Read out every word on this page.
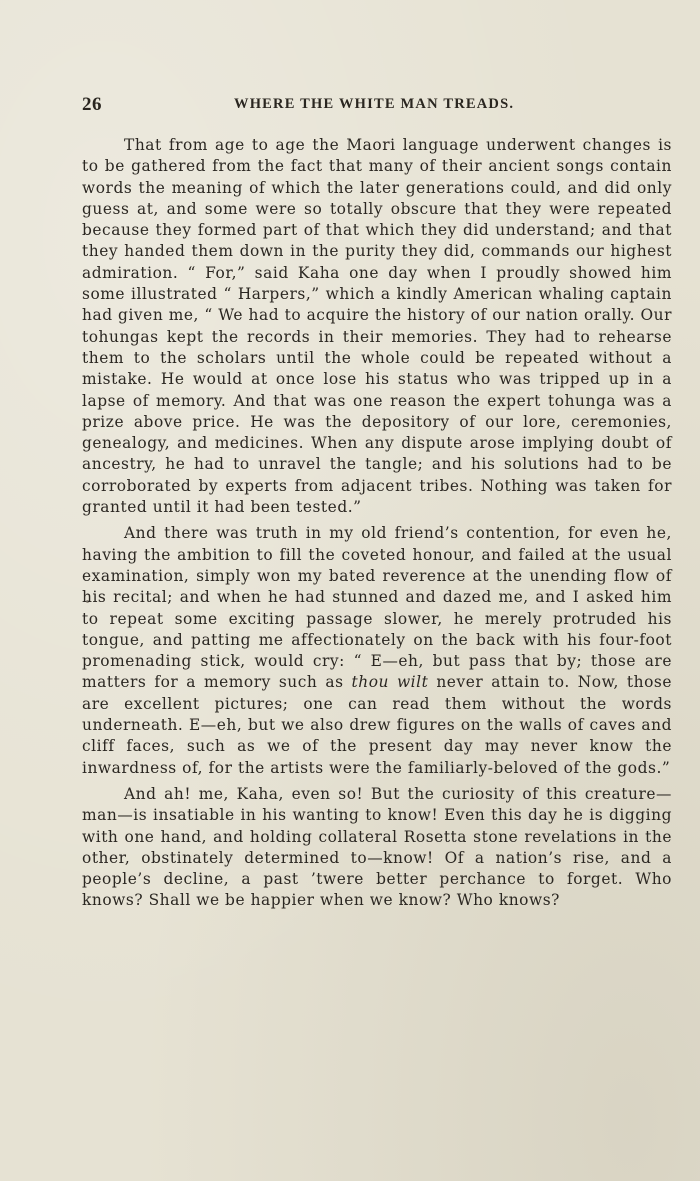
26	WHERE THE WHITE MAN TREADS.

That from age to age the Maori language underwent changes is to be gathered from the fact that many of their ancient songs contain words the meaning of which the later generations could, and did only guess at, and some were so totally obscure that they were repeated because they formed part of that which they did understand; and that they handed them down in the purity they did, commands our highest admiration. “ For,” said Kaha one day when I proudly showed him some illustrated “ Harpers,” which a kindly American whaling captain had given me, “ We had to acquire the history of our nation orally. Our tohungas kept the records in their memories. They had to rehearse them to the scholars until the whole could be repeated without a mistake. He would at once lose his status who was tripped up in a lapse of memory. And that was one reason the expert tohunga was a prize above price. He was the depository of our lore, ceremonies, genealogy, and medicines. When any dispute arose implying doubt of ancestry, he had to unravel the tangle; and his solutions had to be corroborated by experts from adjacent tribes. Nothing was taken for granted until it had been tested.”

And there was truth in my old friend’s contention, for even he, having the ambition to fill the coveted honour, and failed at the usual examination, simply won my bated reverence at the unending flow of his recital; and when he had stunned and dazed me, and I asked him to repeat some exciting passage slower, he merely protruded his tongue, and patting me affectionately on the back with his four-foot promenading stick, would cry: “ E—eh, but pass that by; those are matters for a memory such as thou wilt never attain to. Now, those are excellent pictures; one can read them without the words underneath. E—eh, but we also drew figures on the walls of caves and cliff faces, such as we of the present day may never know the inwardness of, for the artists were the familiarly-beloved of the gods.”

And ah! me, Kaha, even so! But the curiosity of this creature—man—is insatiable in his wanting to know! Even this day he is digging with one hand, and holding collateral Rosetta stone revelations in the other, obstinately determined to—know! Of a nation’s rise, and a people’s decline, a past ’twere better perchance to forget. Who knows? Shall we be happier when we know? Who knows?
